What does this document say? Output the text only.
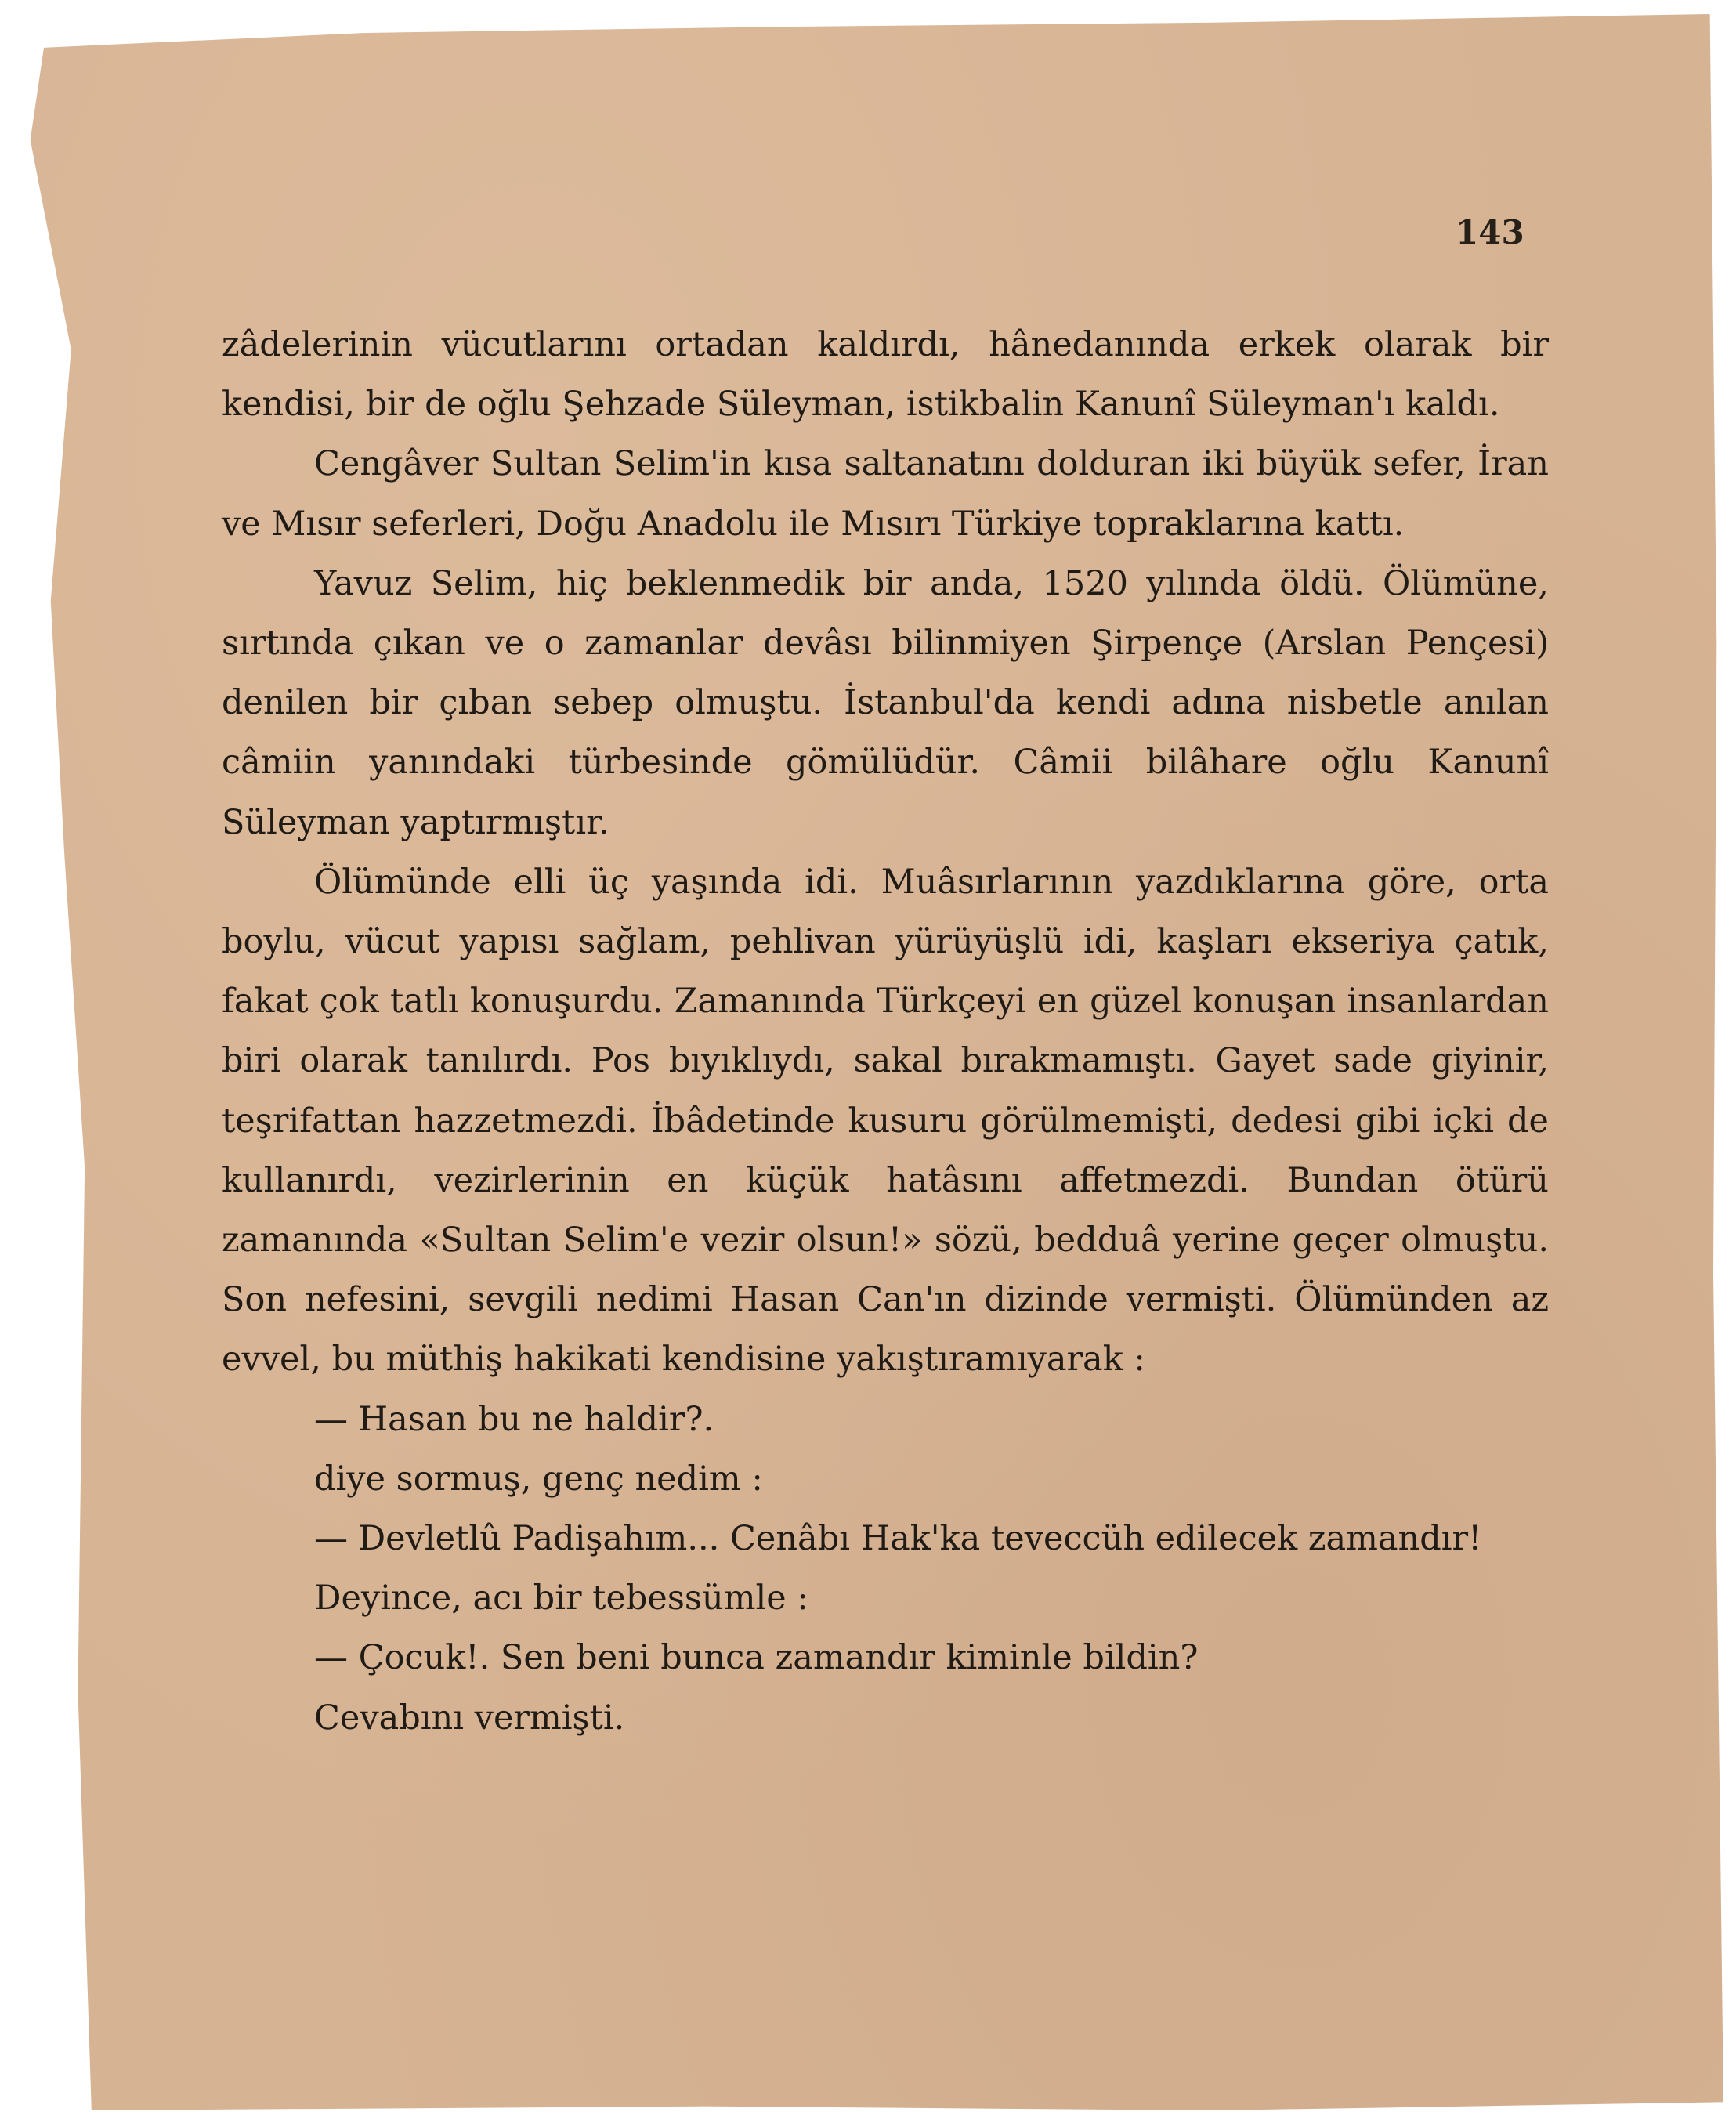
143

zâdelerinin vücutlarını ortadan kaldırdı, hânedanında erkek olarak bir kendisi, bir de oğlu Şehzade Süleyman, istikbalin Kanunî Süleyman'ı kaldı.

Cengâver Sultan Selim'in kısa saltanatını dolduran iki büyük sefer, İran ve Mısır seferleri, Doğu Anadolu ile Mısırı Türkiye topraklarına kattı.

Yavuz Selim, hiç beklenmedik bir anda, 1520 yılında öldü. Ölümüne, sırtında çıkan ve o zamanlar devâsı bilinmiyen Şirpençe (Arslan Pençesi) denilen bir çıban sebep olmuştu. İstanbul'da kendi adına nisbetle anılan câmiin yanındaki türbesinde gömülüdür. Câmii bilâhare oğlu Kanunî Süleyman yaptırmıştır.

Ölümünde elli üç yaşında idi. Muâsırlarının yazdıklarına göre, orta boylu, vücut yapısı sağlam, pehlivan yürüyüşlü idi, kaşları ekseriya çatık, fakat çok tatlı konuşurdu. Zamanında Türkçeyi en güzel konuşan insanlardan biri olarak tanılırdı. Pos bıyıklıydı, sakal bırakmamıştı. Gayet sade giyinir, teşrifattan hazzetmezdi. İbâdetinde kusuru görülmemişti, dedesi gibi içki de kullanırdı, vezirlerinin en küçük hatâsını affetmezdi. Bundan ötürü zamanında «Sultan Selim'e vezir olsun!» sözü, bedduâ yerine geçer olmuştu. Son nefesini, sevgili nedimi Hasan Can'ın dizinde vermişti. Ölümünden az evvel, bu müthiş hakikati kendisine yakıştıramıyarak :

— Hasan bu ne haldir?.

diye sormuş, genç nedim :

— Devletlû Padişahım... Cenâbı Hak'ka teveccüh edilecek zamandır!

Deyince, acı bir tebessümle :

— Çocuk!. Sen beni bunca zamandır kiminle bildin?

Cevabını vermişti.
